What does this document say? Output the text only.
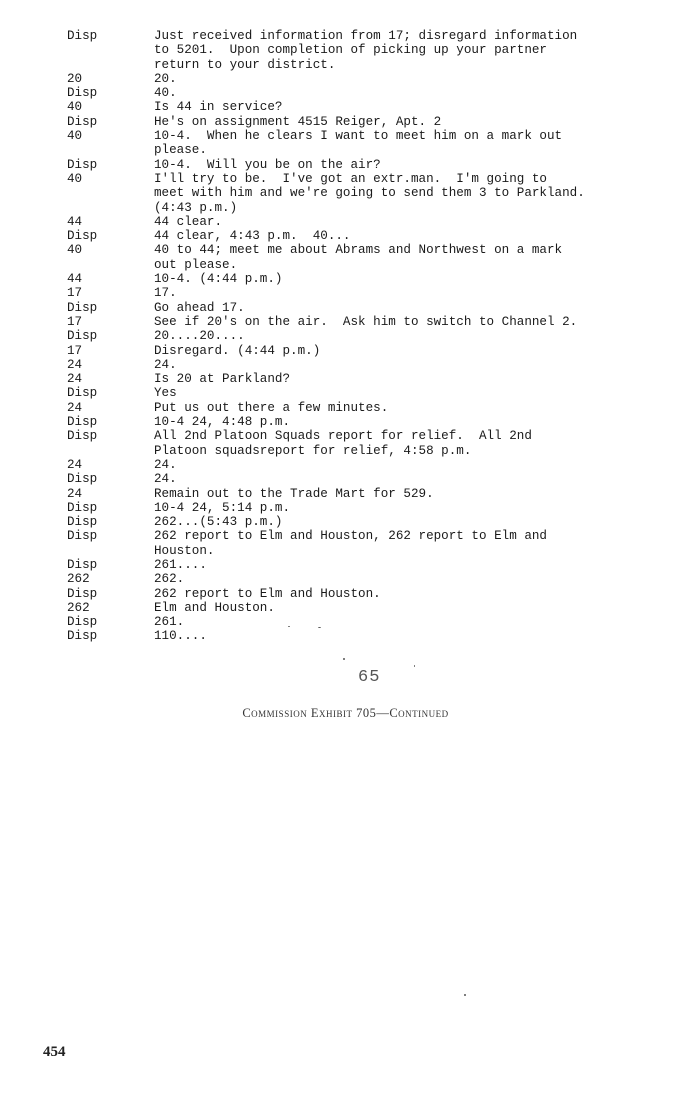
Disp	Just received information from 17; disregard information
to 5201.  Upon completion of picking up your partner
return to your district.
20	20.
Disp	40.
40	Is 44 in service?
Disp	He's on assignment 4515 Reiger, Apt. 2
40	10-4.  When he clears I want to meet him on a mark out
please.
Disp	10-4.  Will you be on the air?
40	I'll try to be.  I've got an extr.man.  I'm going to
meet with him and we're going to send them 3 to Parkland.
(4:43 p.m.)
44	44 clear.
Disp	44 clear, 4:43 p.m.  40...
40	40 to 44; meet me about Abrams and Northwest on a mark
out please.
44	10-4. (4:44 p.m.)
17	17.
Disp	Go ahead 17.
17	See if 20's on the air.  Ask him to switch to Channel 2.
Disp	20....20....
17	Disregard. (4:44 p.m.)
24	24.
24	Is 20 at Parkland?
Disp	Yes
24	Put us out there a few minutes.
Disp	10-4 24, 4:48 p.m.
Disp	All 2nd Platoon Squads report for relief.  All 2nd
Platoon squadsreport for relief, 4:58 p.m.
24	24.
Disp	24.
24	Remain out to the Trade Mart for 529.
Disp	10-4 24, 5:14 p.m.
Disp	262...(5:43 p.m.)
Disp	262 report to Elm and Houston, 262 report to Elm and
Houston.
Disp	261....
262	262.
Disp	262 report to Elm and Houston.
262	Elm and Houston.
Disp	261.
Disp	110....
65
Commission Exhibit 705—Continued
454
